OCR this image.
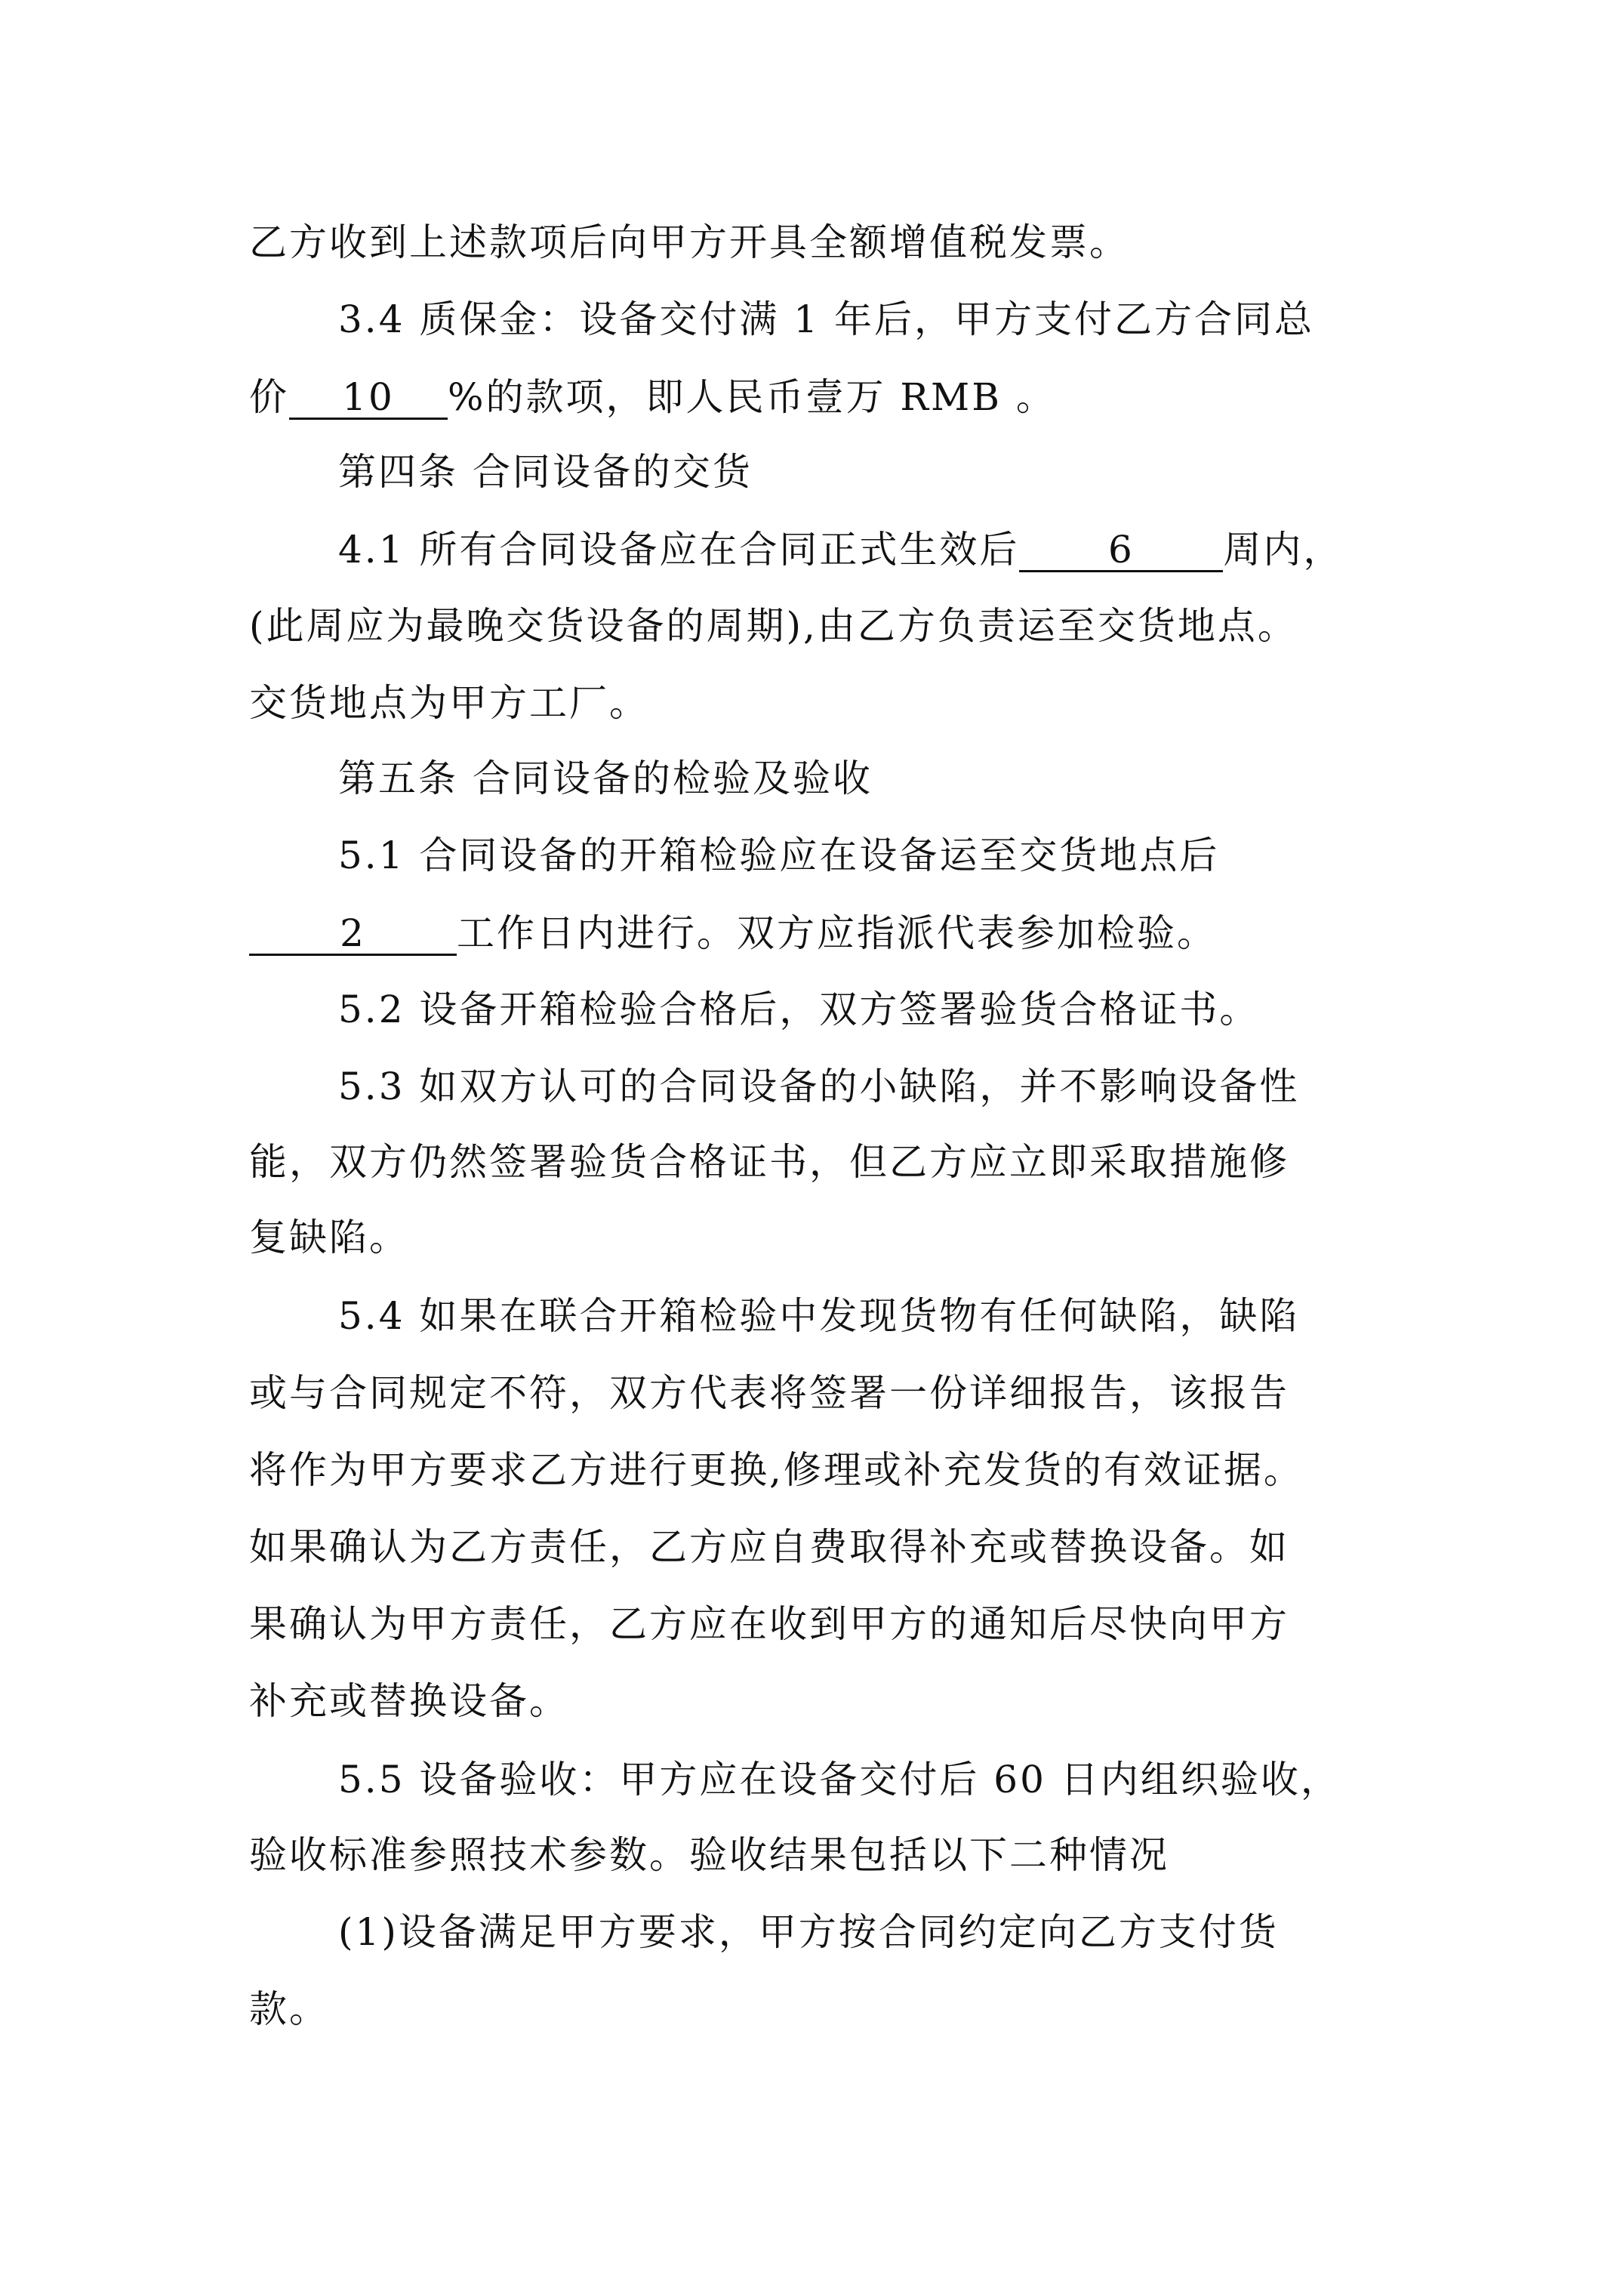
乙方收到上述款项后向甲方开具全额增值税发票。
3.4 质保金：设备交付满 1 年后，甲方支付乙方合同总
价 10 %的款项，即人民币壹万 RMB 。
第四条 合同设备的交货
4.1 所有合同设备应在合同正式生效后 6 周内，
(此周应为最晚交货设备的周期),由乙方负责运至交货地点。
交货地点为甲方工厂。
第五条 合同设备的检验及验收
5.1 合同设备的开箱检验应在设备运至交货地点后
2 工作日内进行。双方应指派代表参加检验。
5.2 设备开箱检验合格后，双方签署验货合格证书。
5.3 如双方认可的合同设备的小缺陷，并不影响设备性
能，双方仍然签署验货合格证书，但乙方应立即采取措施修
复缺陷。
5.4 如果在联合开箱检验中发现货物有任何缺陷，缺陷
或与合同规定不符，双方代表将签署一份详细报告，该报告
将作为甲方要求乙方进行更换,修理或补充发货的有效证据。
如果确认为乙方责任，乙方应自费取得补充或替换设备。如
果确认为甲方责任，乙方应在收到甲方的通知后尽快向甲方
补充或替换设备。
5.5 设备验收：甲方应在设备交付后 60 日内组织验收，
验收标准参照技术参数。验收结果包括以下二种情况
(1)设备满足甲方要求，甲方按合同约定向乙方支付货
款。
